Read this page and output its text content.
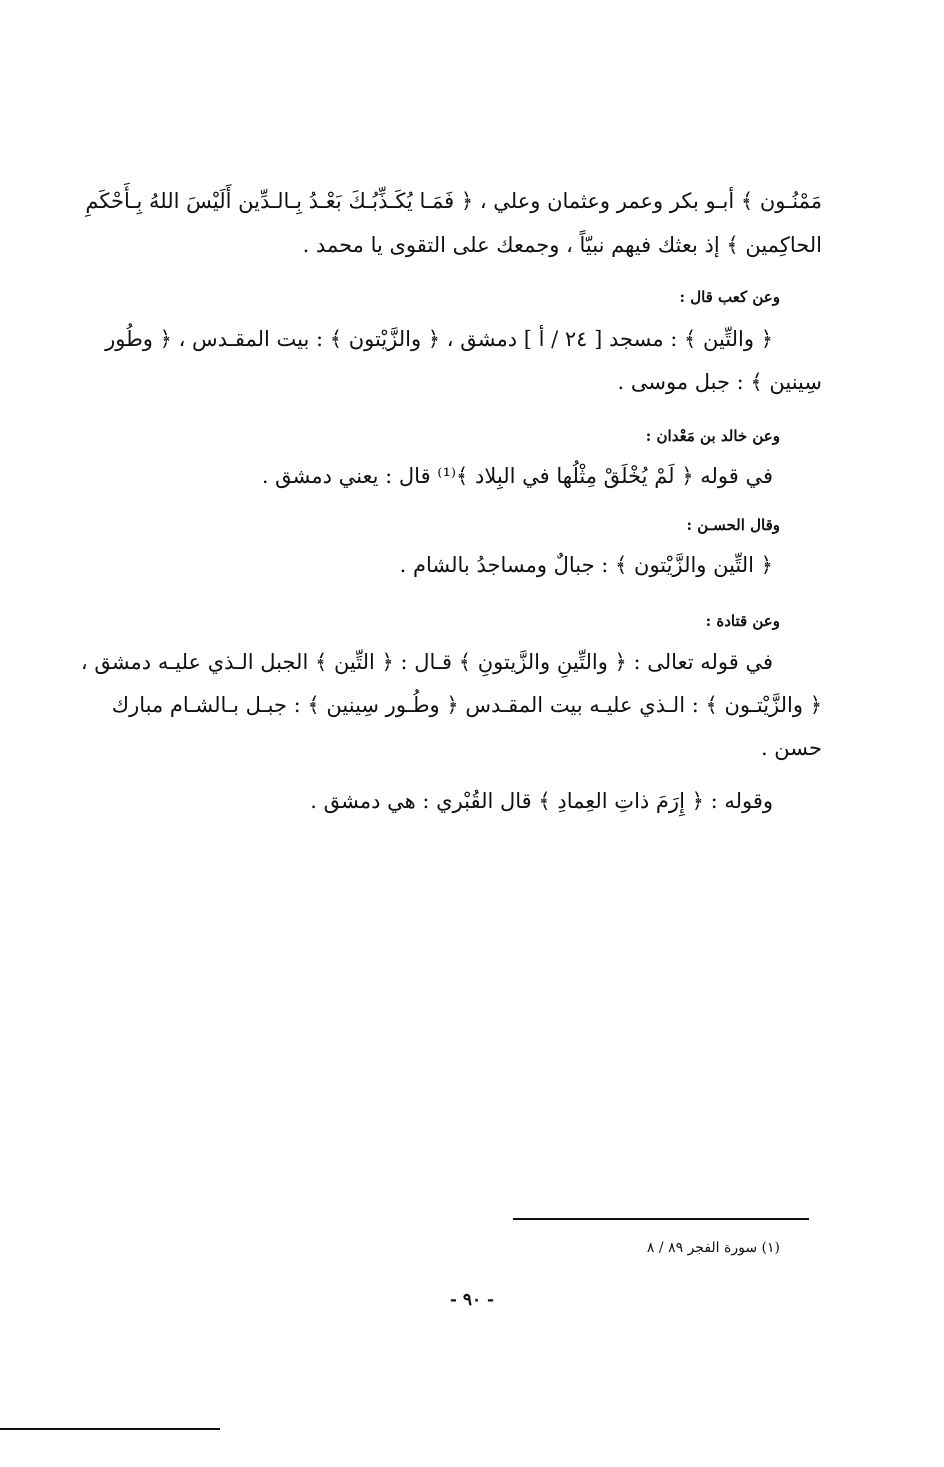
مَمْنُـون ﴾ أبـو بكر وعمر وعثمان وعلي ، ﴿ فَمَـا يُكَـذِّبُـكَ بَعْـدُ بِـالـدِّين أَلَيْسَ اللهُ بِـأَحْكَمِ
الحاكِمين ﴾ إذ بعثك فيهم نبيّاً ، وجمعك على التقوى يا محمد .
وعن كعب قال :
﴿ والتِّين ﴾ : مسجد [ ٢٤ / أ ] دمشق ، ﴿ والزَّيْتون ﴾ : بيت المقـدس ، ﴿ وطُور
سِينين ﴾ : جبل موسى .
وعن خالد بن مَعْدان :
في قوله ﴿ لَمْ يُخْلَقْ مِثْلُها في البِلاد ﴾⁽¹⁾ قال : يعني دمشق .
وقال الحسـن :
﴿ التِّين والزَّيْتون ﴾ : جبالٌ ومساجدُ بالشام .
وعن قتادة :
في قوله تعالى : ﴿ والتِّينِ والزَّيتونِ ﴾ قـال : ﴿ التِّين ﴾ الجبل الـذي عليـه دمشق ،
﴿ والزَّيْتـون ﴾ : الـذي عليـه بيت المقـدس ﴿ وطُـور سِينين ﴾ : جبـل بـالشـام مبارك
حسن .
وقوله : ﴿ إِرَمَ ذاتِ العِمادِ ﴾ قال القُبْري : هي دمشق .
(١) سورة الفجر ٨٩ / ٨
- ٩٠ -
